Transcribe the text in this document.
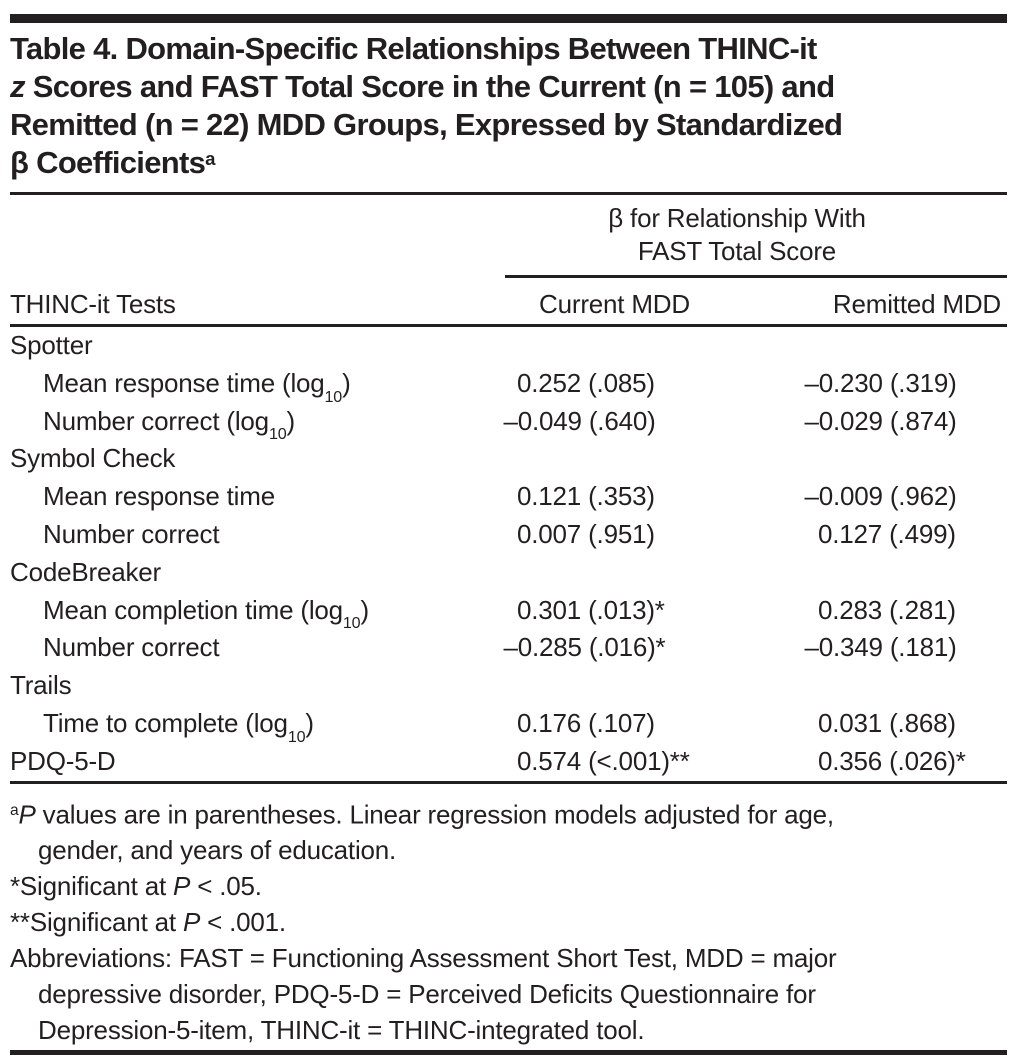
Table 4. Domain-Specific Relationships Between THINC-it
z Scores and FAST Total Score in the Current (n = 105) and
Remitted (n = 22) MDD Groups, Expressed by Standardized
β Coefficients$^a$
β for Relationship With
FAST Total Score
THINC-it Tests	Current MDD	Remitted MDD
Spotter
Mean response time $(\log_{10})$	0.252 (.085)	–0.230 (.319)
Number correct $(\log_{10})$	–0.049 (.640)	–0.029 (.874)
Symbol Check
Mean response time	0.121 (.353)	–0.009 (.962)
Number correct	0.007 (.951)	0.127 (.499)
CodeBreaker
Mean completion time $(\log_{10})$	0.301 (.013)*	0.283 (.281)
Number correct	–0.285 (.016)*	–0.349 (.181)
Trails
Time to complete $(\log_{10})$	0.176 (.107)	0.031 (.868)
PDQ-5-D	0.574 (<.001)**	0.356 (.026)*
$^a$P values are in parentheses. Linear regression models adjusted for age,
gender, and years of education.
*Significant at P < .05.
**Significant at P < .001.
Abbreviations: FAST = Functioning Assessment Short Test, MDD = major
depressive disorder, PDQ-5-D = Perceived Deficits Questionnaire for
Depression-5-item, THINC-it = THINC-integrated tool.
